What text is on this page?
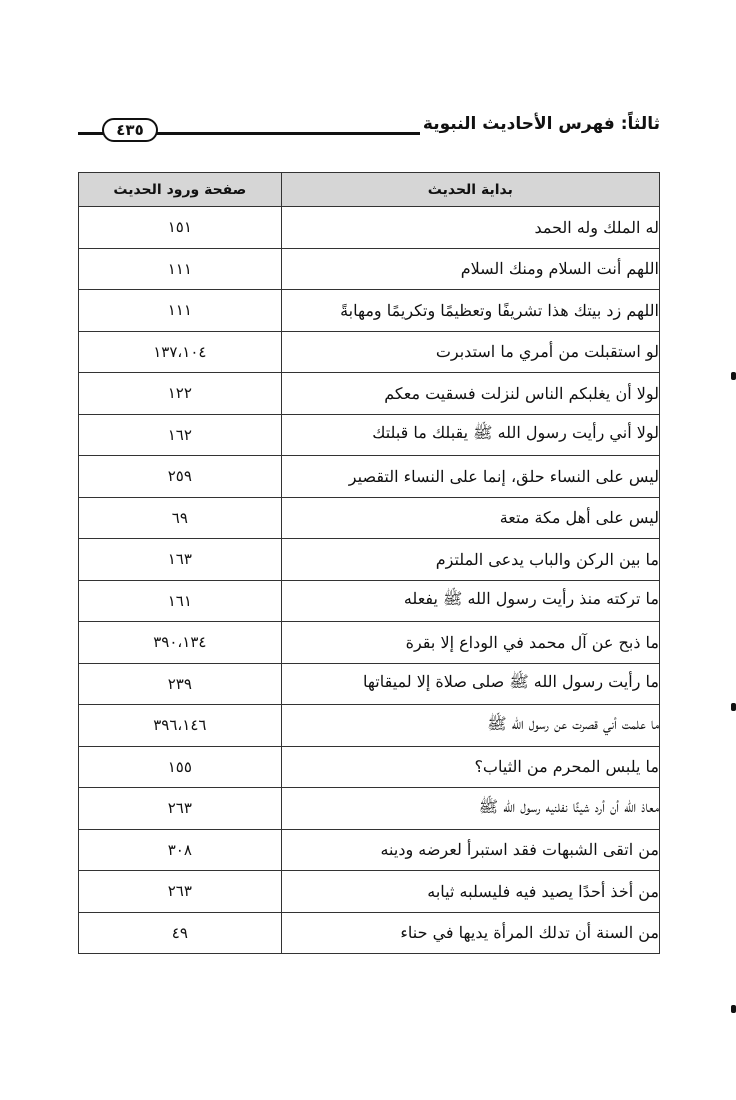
ثالثاً: فهرس الأحاديث النبوية
٤٣٥
بداية الحديث	صفحة ورود الحديث
له الملك وله الحمد	١٥١
اللهم أنت السلام ومنك السلام	١١١
اللهم زد بيتك هذا تشريفًا وتعظيمًا وتكريمًا ومهابةً	١١١
لو استقبلت من أمري ما استدبرت	١٣٧،١٠٤
لولا أن يغلبكم الناس لنزلت فسقيت معكم	١٢٢
لولا أني رأيت رسول الله ﷺ يقبلك ما قبلتك	١٦٢
ليس على النساء حلق، إنما على النساء التقصير	٢٥٩
ليس على أهل مكة متعة	٦٩
ما بين الركن والباب يدعى الملتزم	١٦٣
ما تركته منذ رأيت رسول الله ﷺ يفعله	١٦١
ما ذبح عن آل محمد في الوداع إلا بقرة	٣٩٠،١٣٤
ما رأيت رسول الله ﷺ صلى صلاة إلا لميقاتها	٢٣٩
ما علمت أني قصرت عن رسول الله ﷺ	٣٩٦،١٤٦
ما يلبس المحرم من الثياب؟	١٥٥
معاذ الله أن أرد شيئًا نفلنيه رسول الله ﷺ	٢٦٣
من اتقى الشبهات فقد استبرأ لعرضه ودينه	٣٠٨
من أخذ أحدًا يصيد فيه فليسلبه ثيابه	٢٦٣
من السنة أن تدلك المرأة يديها في حناء	٤٩
